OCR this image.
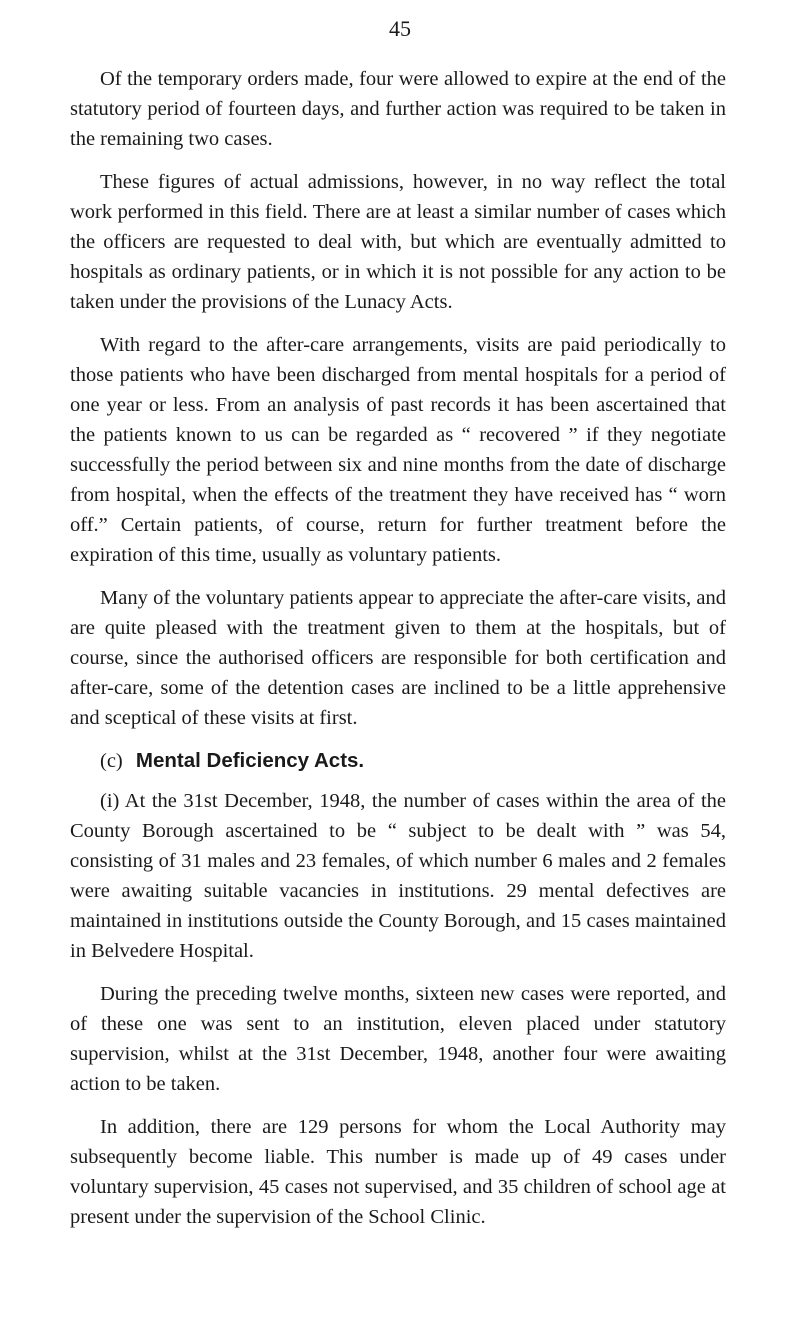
45

Of the temporary orders made, four were allowed to expire at the end of the statutory period of fourteen days, and further action was required to be taken in the remaining two cases.

These figures of actual admissions, however, in no way reflect the total work performed in this field. There are at least a similar number of cases which the officers are requested to deal with, but which are eventually admitted to hospitals as ordinary patients, or in which it is not possible for any action to be taken under the provisions of the Lunacy Acts.

With regard to the after-care arrangements, visits are paid periodically to those patients who have been discharged from mental hospitals for a period of one year or less. From an analysis of past records it has been ascertained that the patients known to us can be regarded as “ recovered ” if they negotiate successfully the period between six and nine months from the date of discharge from hospital, when the effects of the treatment they have received has “ worn off.” Certain patients, of course, return for further treatment before the expiration of this time, usually as voluntary patients.

Many of the voluntary patients appear to appreciate the after-care visits, and are quite pleased with the treatment given to them at the hospitals, but of course, since the authorised officers are responsible for both certification and after-care, some of the detention cases are inclined to be a little apprehensive and sceptical of these visits at first.

(c) Mental Deficiency Acts.

(i) At the 31st December, 1948, the number of cases within the area of the County Borough ascertained to be “ subject to be dealt with ” was 54, consisting of 31 males and 23 females, of which number 6 males and 2 females were awaiting suitable vacancies in institutions. 29 mental defectives are maintained in institutions outside the County Borough, and 15 cases maintained in Belvedere Hospital.

During the preceding twelve months, sixteen new cases were reported, and of these one was sent to an institution, eleven placed under statutory supervision, whilst at the 31st December, 1948, another four were awaiting action to be taken.

In addition, there are 129 persons for whom the Local Authority may subsequently become liable. This number is made up of 49 cases under voluntary supervision, 45 cases not supervised, and 35 children of school age at present under the supervision of the School Clinic.
